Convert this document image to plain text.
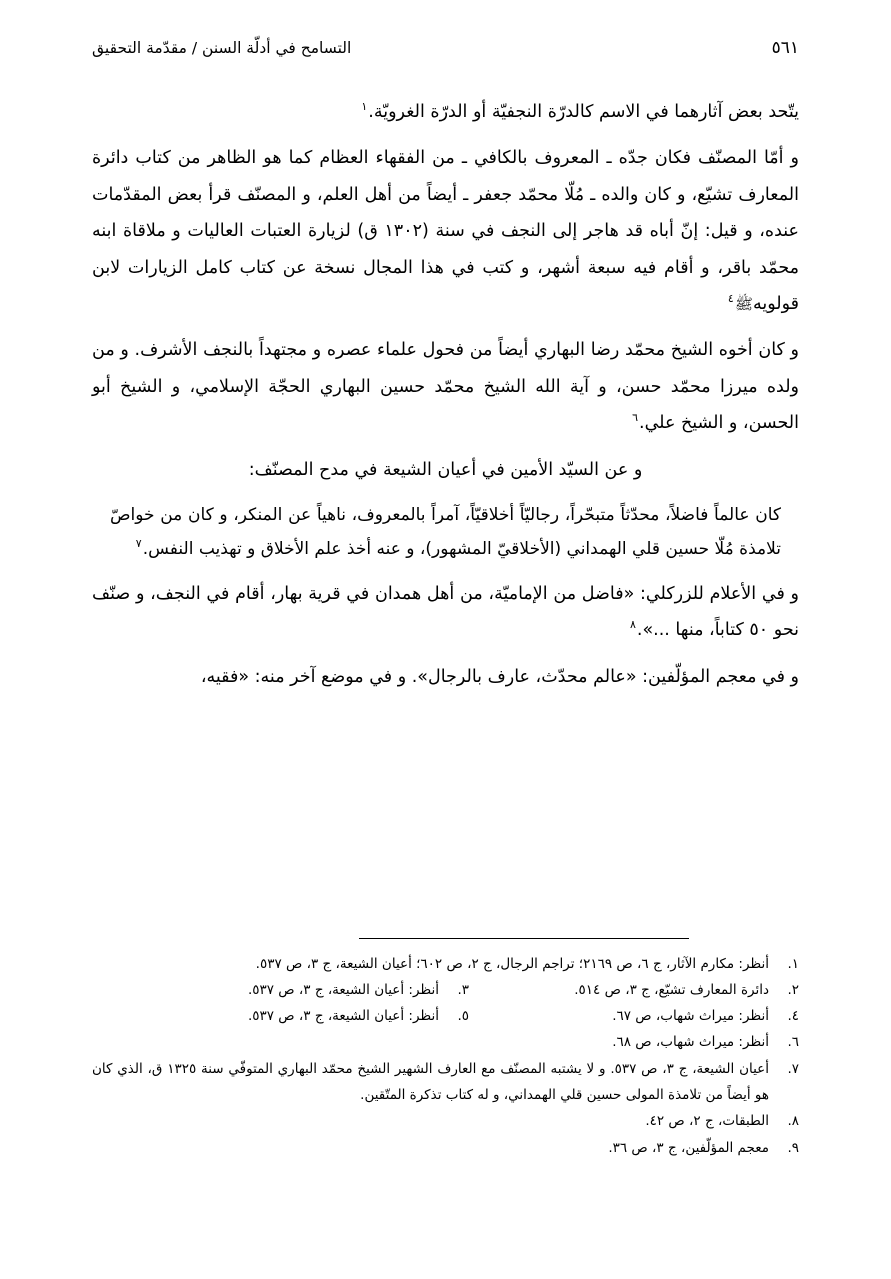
التسامح في أدلّة السنن / مقدّمة التحقيق	٥٦١

يتّحد بعض آثارهما في الاسم كالدرّة النجفيّة أو الدرّة الغرويّة.$^١$

و أمّا المصنّف فكان جدّه ـ المعروف بالكافي ـ من الفقهاء العظام كما هو الظاهر من كتاب دائرة المعارف تشيّع، و كان والده ـ مُلّا محمّد جعفر ـ أيضاً من أهل العلم، و المصنّف قرأ بعض المقدّمات عنده، و قيل: إنّ أباه قد هاجر إلى النجف في سنة (١٣٠٢ ق) لزيارة العتبات العاليات و ملاقاة ابنه محمّد باقر، و أقام فيه سبعة أشهر، و كتب في هذا المجال نسخة عن كتاب كامل الزيارات لابن قولويهﷺ$^٤$

و كان أخوه الشيخ محمّد رضا البهاري أيضاً من فحول علماء عصره و مجتهداً بالنجف الأشرف. و من ولده ميرزا محمّد حسن، و آية الله الشيخ محمّد حسين البهاري الحجّة الإسلامي، و الشيخ أبو الحسن، و الشيخ علي.$^٦$

و عن السيّد الأمين في أعيان الشيعة في مدح المصنّف:

كان عالماً فاضلاً، محدّثاً متبحّراً، رجاليّاً أخلاقيّاً، آمراً بالمعروف، ناهياً عن المنكر، و كان من خواصّ تلامذة مُلّا حسين قلي الهمداني (الأخلاقيّ المشهور)، و عنه أخذ علم الأخلاق و تهذيب النفس.$^٧$

و في الأعلام للزركلي: «فاضل من الإماميّة، من أهل همدان في قرية بهار، أقام في النجف، و صنّف نحو ٥٠ كتاباً، منها ...».$^٨$

و في معجم المؤلّفين: «عالم محدّث، عارف بالرجال». و في موضع آخر منه: «فقيه،

١.
أنظر: مكارم الآثار، ج ٦، ص ٢١٦٩؛ تراجم الرجال، ج ٢، ص ٦٠٢؛ أعيان الشيعة، ج ٣، ص ٥٣٧.
٢.
دائرة المعارف تشيّع، ج ٣، ص ٥١٤.
٣.
أنظر: أعيان الشيعة، ج ٣، ص ٥٣٧.
٤.
أنظر: ميراث شهاب، ص ٦٧.
٥.
أنظر: أعيان الشيعة، ج ٣، ص ٥٣٧.
٦.
أنظر: ميراث شهاب، ص ٦٨.
٧.
أعيان الشيعة، ج ٣، ص ٥٣٧. و لا يشتبه المصنّف مع العارف الشهير الشيخ محمّد البهاري المتوفّي سنة ١٣٢٥ ق، الذي كان هو أيضاً من تلامذة المولى حسين قلي الهمداني، و له كتاب تذكرة المتّقين.
٨.
الطبقات، ج ٢، ص ٤٢.
٩.
معجم المؤلّفين، ج ٣، ص ٣٦.
